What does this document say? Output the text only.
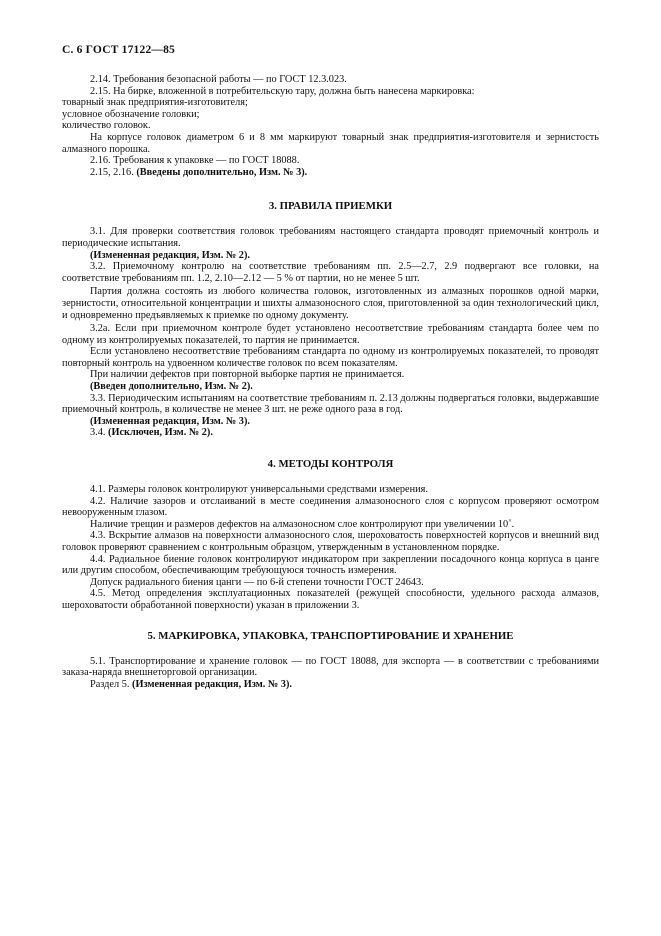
С. 6 ГОСТ 17122—85

2.14. Требования безопасной работы — по ГОСТ 12.3.023.

2.15. На бирке, вложенной в потребительскую тару, должна быть нанесена маркировка:

товарный знак предприятия-изготовителя;

условное обозначение головки;

количество головок.

На корпусе головок диаметром 6 и 8 мм маркируют товарный знак предприятия-изготовителя и зернистость алмазного порошка.

2.16. Требования к упаковке — по ГОСТ 18088.

2.15, 2.16. (Введены дополнительно, Изм. № 3).

3. ПРАВИЛА ПРИЕМКИ

3.1. Для проверки соответствия головок требованиям настоящего стандарта проводят приемочный контроль и периодические испытания.

(Измененная редакция, Изм. № 2).

3.2. Приемочному контролю на соответствие требованиям пп. 2.5—2.7, 2.9 подвергают все головки, на соответствие требованиям пп. 1.2, 2.10—2.12 — 5 % от партии, но не менее 5 шт.

Партия должна состоять из любого количества головок, изготовленных из алмазных порошков одной марки, зернистости, относительной концентрации и шихты алмазоносного слоя, приготовленной за один технологический цикл, и одновременно предъявляемых к приемке по одному документу.

3.2а. Если при приемочном контроле будет установлено несоответствие требованиям стандарта более чем по одному из контролируемых показателей, то партия не принимается.

Если установлено несоответствие требованиям стандарта по одному из контролируемых показателей, то проводят повторный контроль на удвоенном количестве головок по всем показателям.

При наличии дефектов при повторной выборке партия не принимается.

(Введен дополнительно, Изм. № 2).

3.3. Периодическим испытаниям на соответствие требованиям п. 2.13 должны подвергаться головки, выдержавшие приемочный контроль, в количестве не менее 3 шт. не реже одного раза в год.

(Измененная редакция, Изм. № 3).

3.4. (Исключен, Изм. № 2).

4. МЕТОДЫ КОНТРОЛЯ

4.1. Размеры головок контролируют универсальными средствами измерения.

4.2. Наличие зазоров и отслаиваний в месте соединения алмазоносного слоя с корпусом проверяют осмотром невооруженным глазом.

Наличие трещин и размеров дефектов на алмазоносном слое контролируют при увеличении 10×.

4.3. Вскрытие алмазов на поверхности алмазоносного слоя, шероховатость поверхностей корпусов и внешний вид головок проверяют сравнением с контрольным образцом, утвержденным в установленном порядке.

4.4. Радиальное биение головок контролируют индикатором при закреплении посадочного конца корпуса в цанге или другим способом, обеспечивающим требующуюся точность измерения.

Допуск радиального биения цанги — по 6-й степени точности ГОСТ 24643.

4.5. Метод определения эксплуатационных показателей (режущей способности, удельного расхода алмазов, шероховатости обработанной поверхности) указан в приложении 3.

5. МАРКИРОВКА, УПАКОВКА, ТРАНСПОРТИРОВАНИЕ И ХРАНЕНИЕ

5.1. Транспортирование и хранение головок — по ГОСТ 18088, для экспорта — в соответствии с требованиями заказа-наряда внешнеторговой организации.

Раздел 5. (Измененная редакция, Изм. № 3).
